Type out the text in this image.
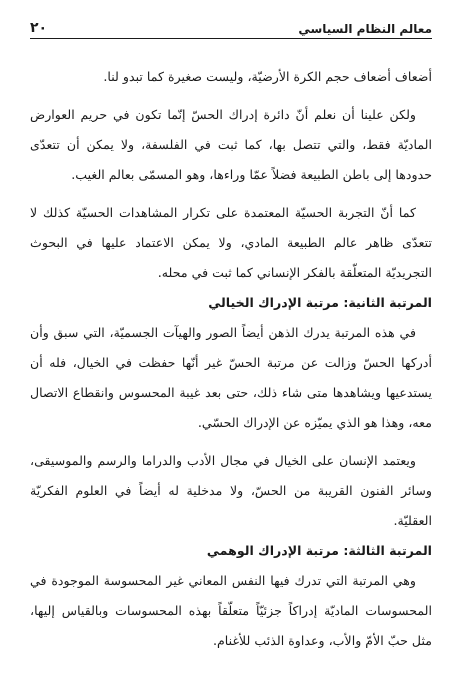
معالم النظام السياسي
٢٠

أضعاف أضعاف حجم الكرة الأرضيّة، وليست صغيرة كما تبدو لنا.

ولكن علينا أن نعلم أنّ دائرة إدراك الحسّ إنّما تكون في حريم العوارض الماديّة فقط، والتي تتصل بها، كما ثبت في الفلسفة، ولا يمكن أن تتعدّى حدودها إلى باطن الطبيعة فضلاً عمّا وراءها، وهو المسمّى بعالم الغيب.

كما أنّ التجربة الحسيّة المعتمدة على تكرار المشاهدات الحسيّة كذلك لا تتعدّى ظاهر عالم الطبيعة المادي، ولا يمكن الاعتماد عليها في البحوث التجريديّة المتعلّقة بالفكر الإنساني كما ثبت في محله.

المرتبة الثانية: مرتبة الإدراك الخيالي

في هذه المرتبة يدرك الذهن أيضاً الصور والهيآت الجسميّة، التي سبق وأن أدركها الحسّ وزالت عن مرتبة الحسّ غير أنّها حفظت في الخيال، فله أن يستدعيها ويشاهدها متى شاء ذلك، حتى بعد غيبة المحسوس وانقطاع الاتصال معه، وهذا هو الذي يميّزه عن الإدراك الحسّي.

ويعتمد الإنسان على الخيال في مجال الأدب والدراما والرسم والموسيقى، وسائر الفنون القريبة من الحسّ، ولا مدخلية له أيضاً في العلوم الفكريّة العقليّة.

المرتبة الثالثة: مرتبة الإدراك الوهمي

وهي المرتبة التي تدرك فيها النفس المعاني غير المحسوسة الموجودة في المحسوسات الماديّة إدراكاً جزئيّاً متعلّقاً بهذه المحسوسات وبالقياس إليها، مثل حبّ الأمّ والأب، وعداوة الذئب للأغنام.
